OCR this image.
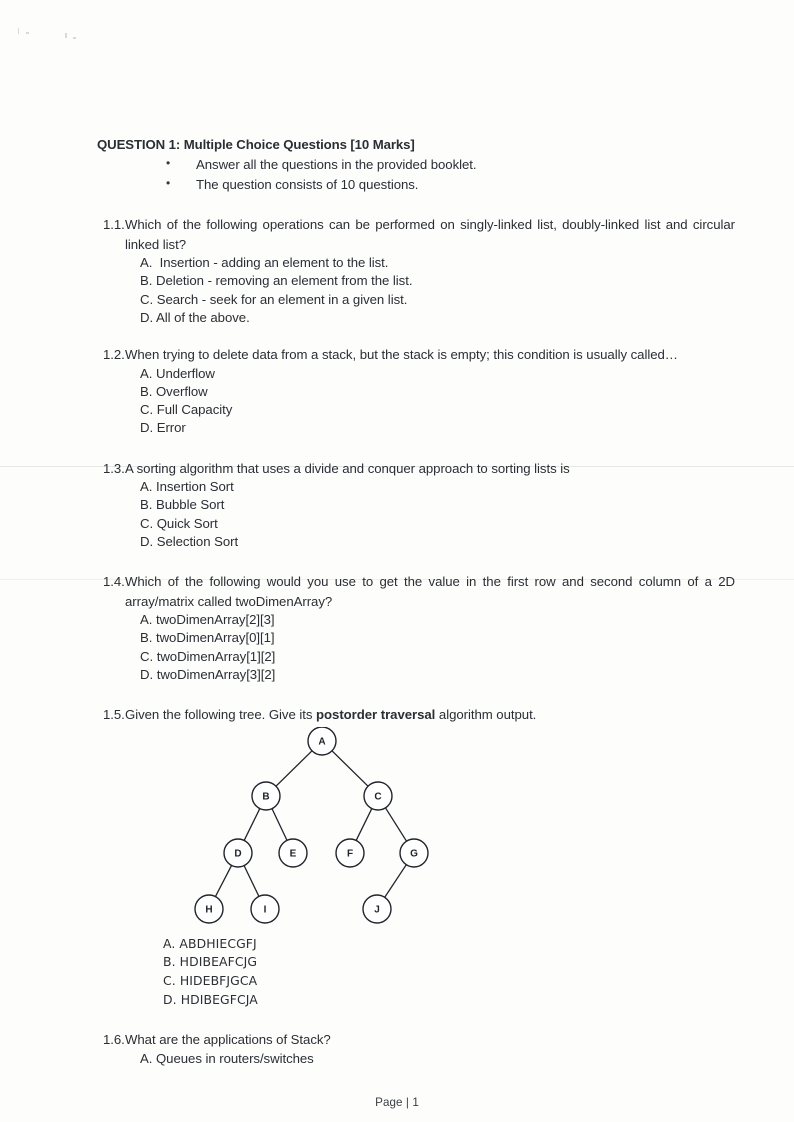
QUESTION 1: Multiple Choice Questions [10 Marks]
• Answer all the questions in the provided booklet.
• The question consists of 10 questions.
1.1. Which of the following operations can be performed on singly-linked list, doubly-linked list and circular linked list?
A.  Insertion - adding an element to the list.
B. Deletion - removing an element from the list.
C. Search - seek for an element in a given list.
D. All of the above.
1.2. When trying to delete data from a stack, but the stack is empty; this condition is usually called…
A. Underflow
B. Overflow
C. Full Capacity
D. Error
1.3. A sorting algorithm that uses a divide and conquer approach to sorting lists is
A. Insertion Sort
B. Bubble Sort
C. Quick Sort
D. Selection Sort
1.4. Which of the following would you use to get the value in the first row and second column of a 2D array/matrix called twoDimenArray?
A. twoDimenArray[2][3]
B. twoDimenArray[0][1]
C. twoDimenArray[1][2]
D. twoDimenArray[3][2]
1.5. Given the following tree. Give its postorder traversal algorithm output.
A
B	C
D	E	F	G
H	I	J
A. ABDHIECGFJ
B. HDIBEAFCJG
C. HIDEBFJGCA
D. HDIBEGFCJA
1.6. What are the applications of Stack?
A. Queues in routers/switches
Page | 1
